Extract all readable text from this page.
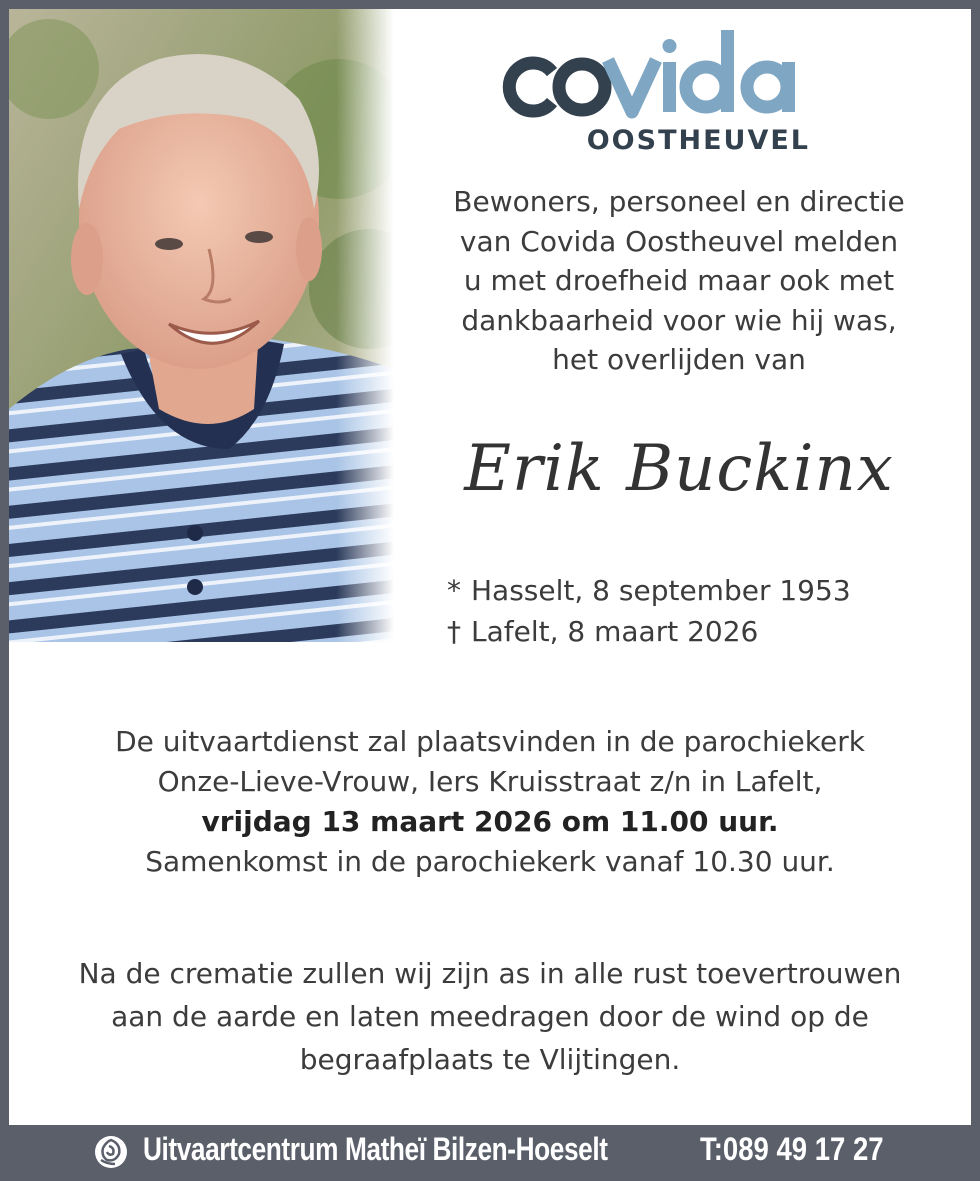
OOSTHEUVEL
Bewoners, personeel en directie
van Covida Oostheuvel melden
u met droefheid maar ook met
dankbaarheid voor wie hij was,
het overlijden van
Erik Buckinx
* Hasselt, 8 september 1953
† Lafelt, 8 maart 2026
De uitvaartdienst zal plaatsvinden in de parochiekerk
Onze-Lieve-Vrouw, Iers Kruisstraat z/n in Lafelt,
vrijdag 13 maart 2026 om 11.00 uur.
Samenkomst in de parochiekerk vanaf 10.30 uur.
Na de crematie zullen wij zijn as in alle rust toevertrouwen
aan de aarde en laten meedragen door de wind op de
begraafplaats te Vlijtingen.
Uitvaartcentrum Matheï Bilzen-Hoeselt	T:089 49 17 27
